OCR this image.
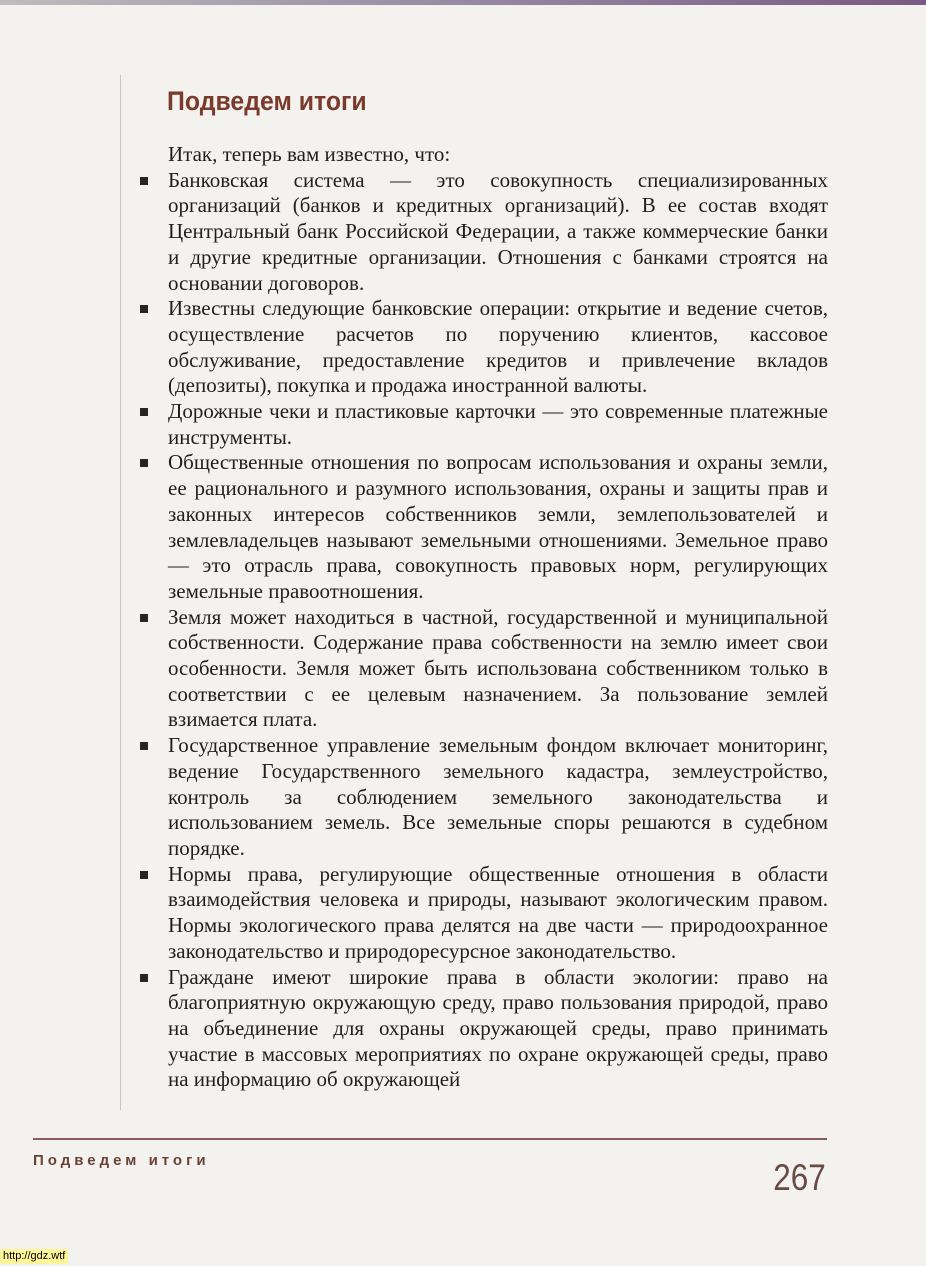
Подведем итоги

Итак, теперь вам известно, что:

Банковская система — это совокупность специализированных организаций (банков и кредитных организаций). В ее состав входят Центральный банк Российской Федерации, а также коммерческие банки и другие кредитные организации. Отношения с банками строятся на основании договоров.
Известны следующие банковские операции: открытие и ведение счетов, осуществление расчетов по поручению клиентов, кассовое обслуживание, предоставление кредитов и привлечение вкладов (депозиты), покупка и продажа иностранной валюты.
Дорожные чеки и пластиковые карточки — это современные платежные инструменты.
Общественные отношения по вопросам использования и охраны земли, ее рационального и разумного использования, охраны и защиты прав и законных интересов собственников земли, землепользователей и землевладельцев называют земельными отношениями. Земельное право — это отрасль права, совокупность правовых норм, регулирующих земельные правоотношения.
Земля может находиться в частной, государственной и муниципальной собственности. Содержание права собственности на землю имеет свои особенности. Земля может быть использована собственником только в соответствии с ее целевым назначением. За пользование землей взимается плата.
Государственное управление земельным фондом включает мониторинг, ведение Государственного земельного кадастра, землеустройство, контроль за соблюдением земельного законодательства и использованием земель. Все земельные споры решаются в судебном порядке.
Нормы права, регулирующие общественные отношения в области взаимодействия человека и природы, называют экологическим правом. Нормы экологического права делятся на две части — природоохранное законодательство и природоресурсное законодательство.
Граждане имеют широкие права в области экологии: право на благоприятную окружающую среду, право пользования природой, право на объединение для охраны окружающей среды, право принимать участие в массовых мероприятиях по охране окружающей среды, право на информацию об окружающей
Подведем итоги	267
http://gdz.wtf
